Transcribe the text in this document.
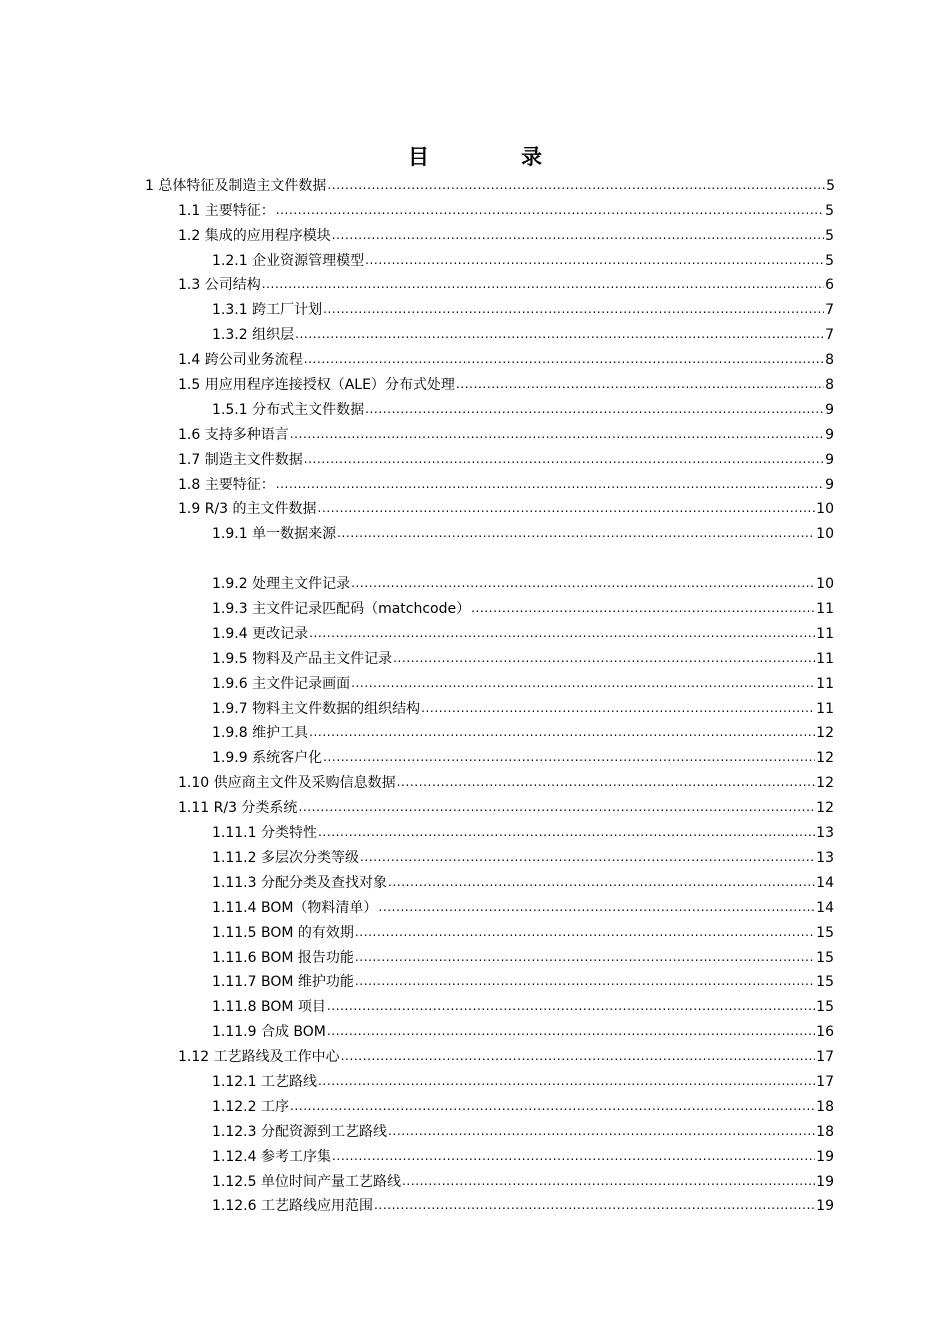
目	录
1 总体特征及制造主文件数据 .....	5
1.1 主要特征： .....	5
1.2 集成的应用程序模块 .....	5
1.2.1 企业资源管理模型 .....	5
1.3 公司结构 .....	6
1.3.1 跨工厂计划 .....	7
1.3.2 组织层 .....	7
1.4 跨公司业务流程 .....	8
1.5 用应用程序连接授权（ALE）分布式处理 .....	8
1.5.1 分布式主文件数据 .....	9
1.6 支持多种语言 .....	9
1.7 制造主文件数据 .....	9
1.8 主要特征： .....	9
1.9 R/3 的主文件数据 .....	10
1.9.1 单一数据来源 .....	10
1.9.2 处理主文件记录 .....	10
1.9.3 主文件记录匹配码（matchcode） .....	11
1.9.4 更改记录 .....	11
1.9.5 物料及产品主文件记录 .....	11
1.9.6 主文件记录画面 .....	11
1.9.7 物料主文件数据的组织结构 .....	11
1.9.8 维护工具 .....	12
1.9.9 系统客户化 .....	12
1.10 供应商主文件及采购信息数据 .....	12
1.11 R/3 分类系统 .....	12
1.11.1 分类特性 .....	13
1.11.2 多层次分类等级 .....	13
1.11.3 分配分类及查找对象 .....	14
1.11.4 BOM（物料清单） .....	14
1.11.5 BOM 的有效期 .....	15
1.11.6 BOM 报告功能 .....	15
1.11.7 BOM 维护功能 .....	15
1.11.8 BOM 项目 .....	15
1.11.9 合成 BOM .....	16
1.12 工艺路线及工作中心 .....	17
1.12.1 工艺路线 .....	17
1.12.2 工序 .....	18
1.12.3 分配资源到工艺路线 .....	18
1.12.4 参考工序集 .....	19
1.12.5 单位时间产量工艺路线 .....	19
1.12.6 工艺路线应用范围 .....	19
